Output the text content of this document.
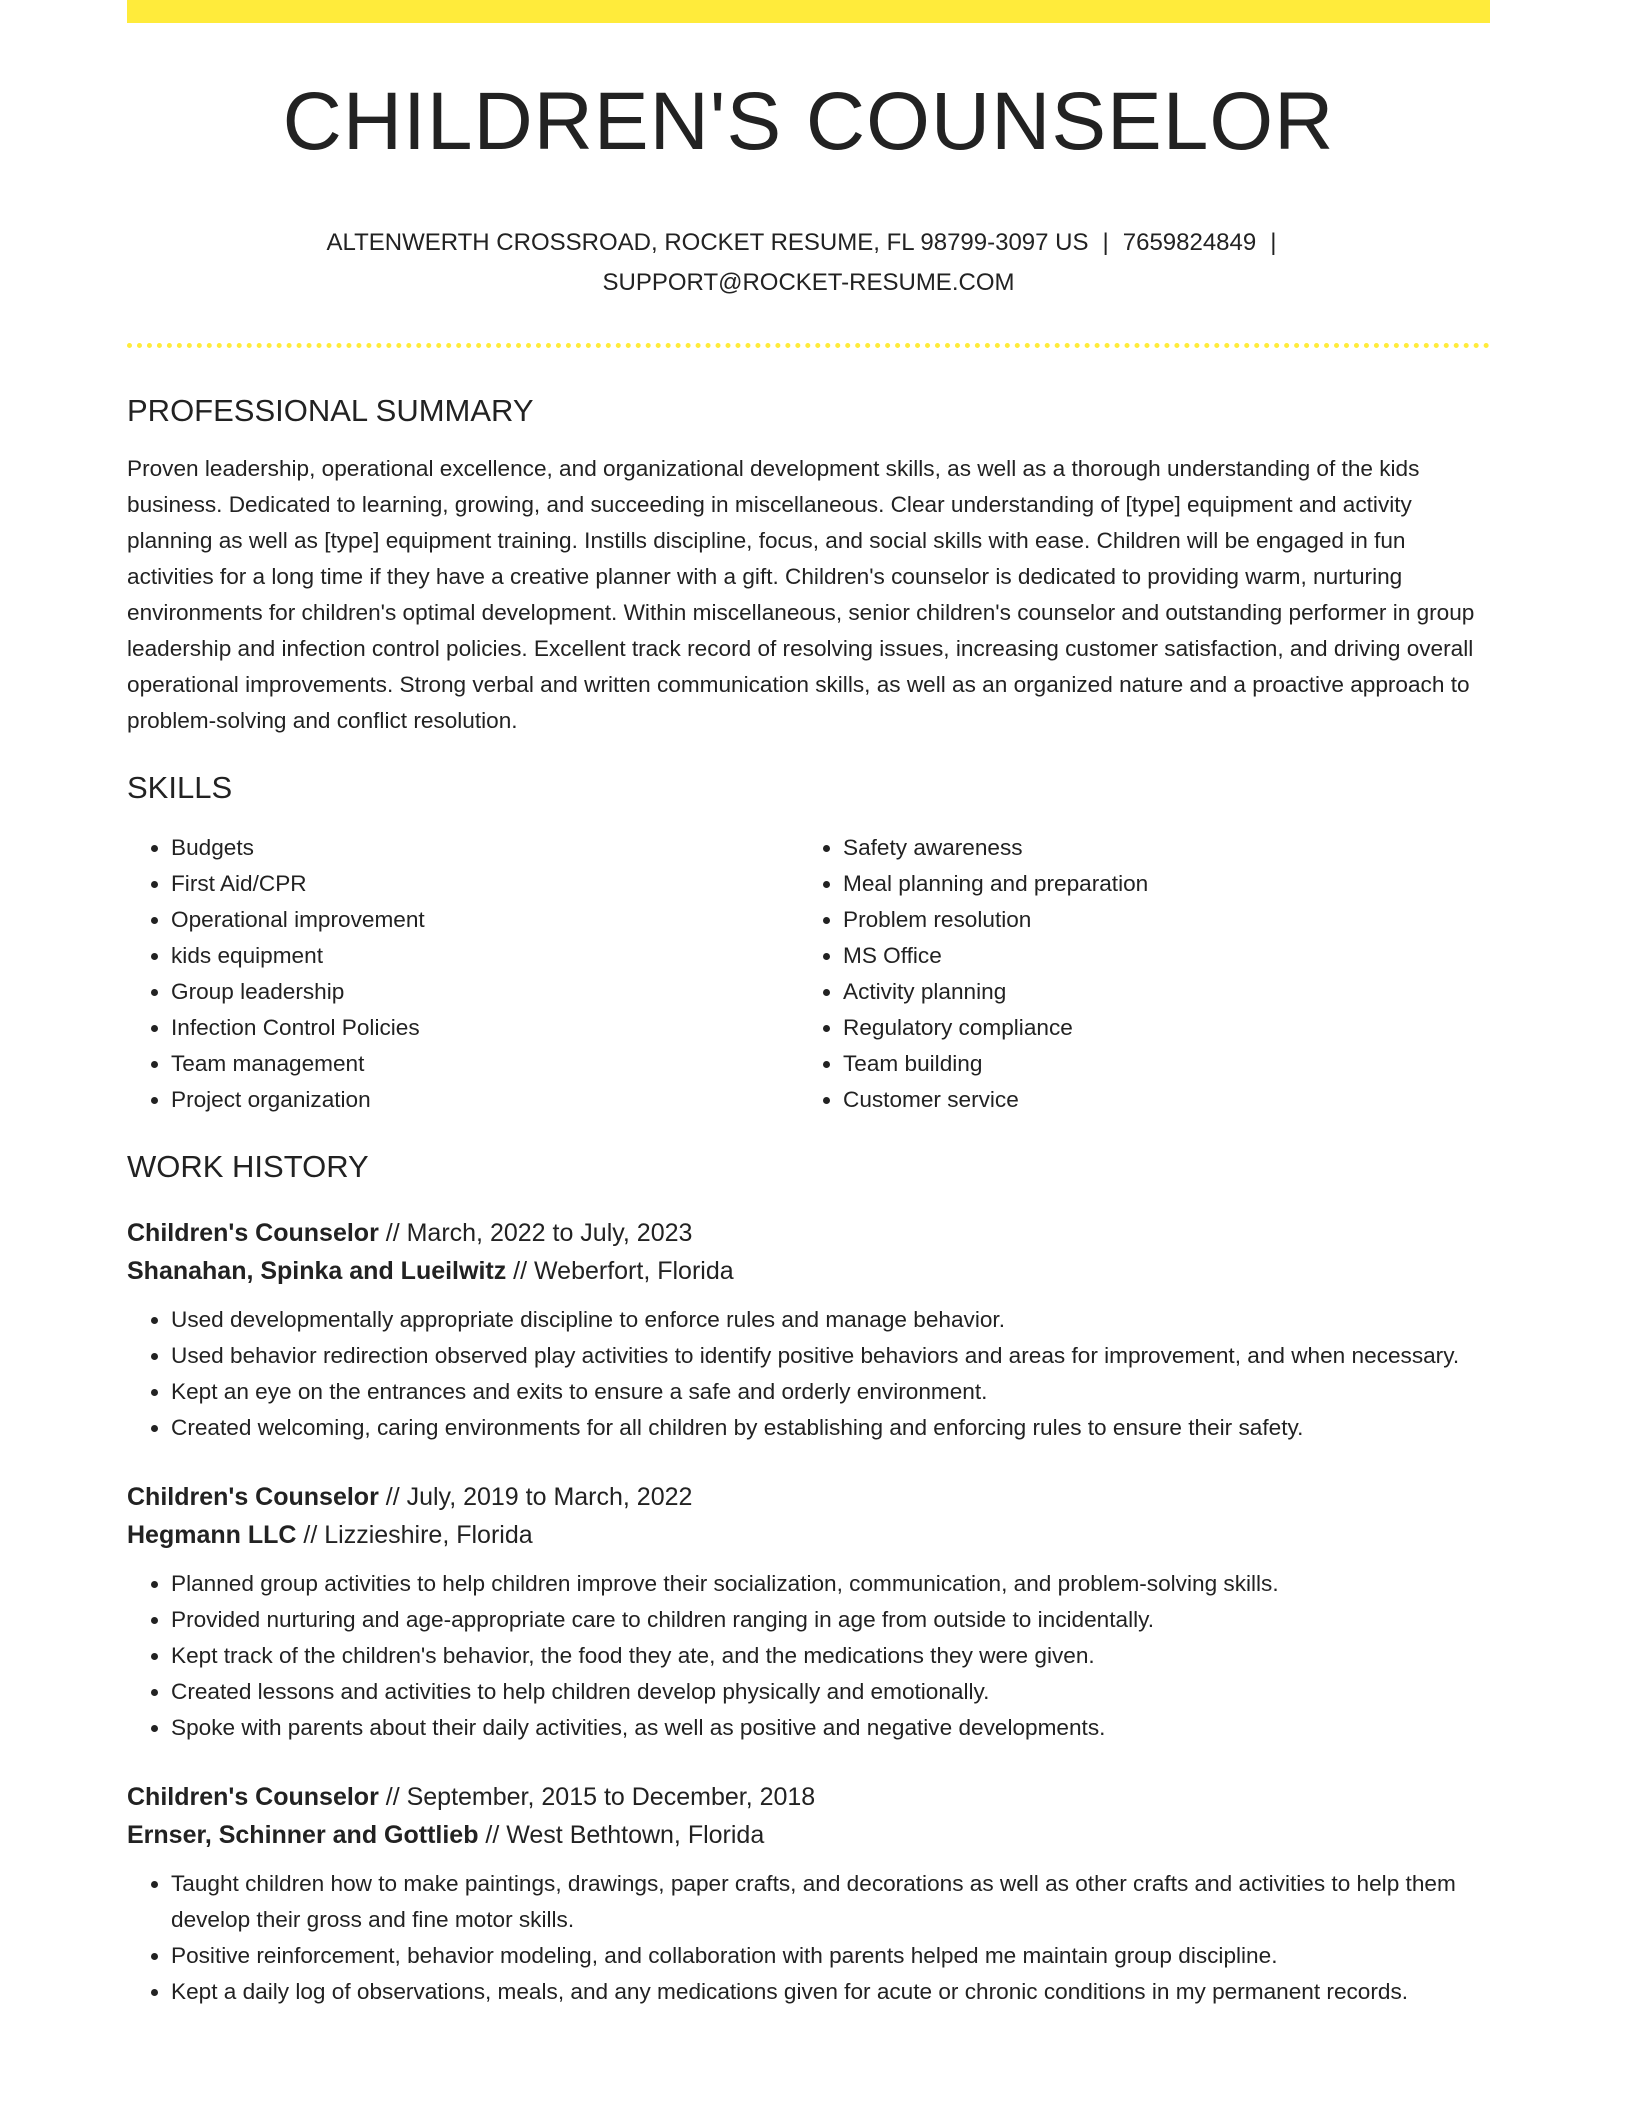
CHILDREN'S COUNSELOR
ALTENWERTH CROSSROAD, ROCKET RESUME, FL 98799-3097 US | 7659824849 |
SUPPORT@ROCKET-RESUME.COM
PROFESSIONAL SUMMARY

Proven leadership, operational excellence, and organizational development skills, as well as a thorough understanding of the kids business. Dedicated to learning, growing, and succeeding in miscellaneous. Clear understanding of [type] equipment and activity planning as well as [type] equipment training. Instills discipline, focus, and social skills with ease. Children will be engaged in fun activities for a long time if they have a creative planner with a gift. Children's counselor is dedicated to providing warm, nurturing environments for children's optimal development. Within miscellaneous, senior children's counselor and outstanding performer in group leadership and infection control policies. Excellent track record of resolving issues, increasing customer satisfaction, and driving overall operational improvements. Strong verbal and written communication skills, as well as an organized nature and a proactive approach to problem-solving and conflict resolution.

SKILLS
• Budgets
• First Aid/CPR
• Operational improvement
• kids equipment
• Group leadership
• Infection Control Policies
• Team management
• Project organization
• Safety awareness
• Meal planning and preparation
• Problem resolution
• MS Office
• Activity planning
• Regulatory compliance
• Team building
• Customer service
WORK HISTORY
Children's Counselor // March, 2022 to July, 2023
Shanahan, Spinka and Lueilwitz // Weberfort, Florida
• Used developmentally appropriate discipline to enforce rules and manage behavior.
• Used behavior redirection observed play activities to identify positive behaviors and areas for improvement, and when necessary.
• Kept an eye on the entrances and exits to ensure a safe and orderly environment.
• Created welcoming, caring environments for all children by establishing and enforcing rules to ensure their safety.
Children's Counselor // July, 2019 to March, 2022
Hegmann LLC // Lizzieshire, Florida
• Planned group activities to help children improve their socialization, communication, and problem-solving skills.
• Provided nurturing and age-appropriate care to children ranging in age from outside to incidentally.
• Kept track of the children's behavior, the food they ate, and the medications they were given.
• Created lessons and activities to help children develop physically and emotionally.
• Spoke with parents about their daily activities, as well as positive and negative developments.
Children's Counselor // September, 2015 to December, 2018
Ernser, Schinner and Gottlieb // West Bethtown, Florida
• Taught children how to make paintings, drawings, paper crafts, and decorations as well as other crafts and activities to help them develop their gross and fine motor skills.
• Positive reinforcement, behavior modeling, and collaboration with parents helped me maintain group discipline.
• Kept a daily log of observations, meals, and any medications given for acute or chronic conditions in my permanent records.
